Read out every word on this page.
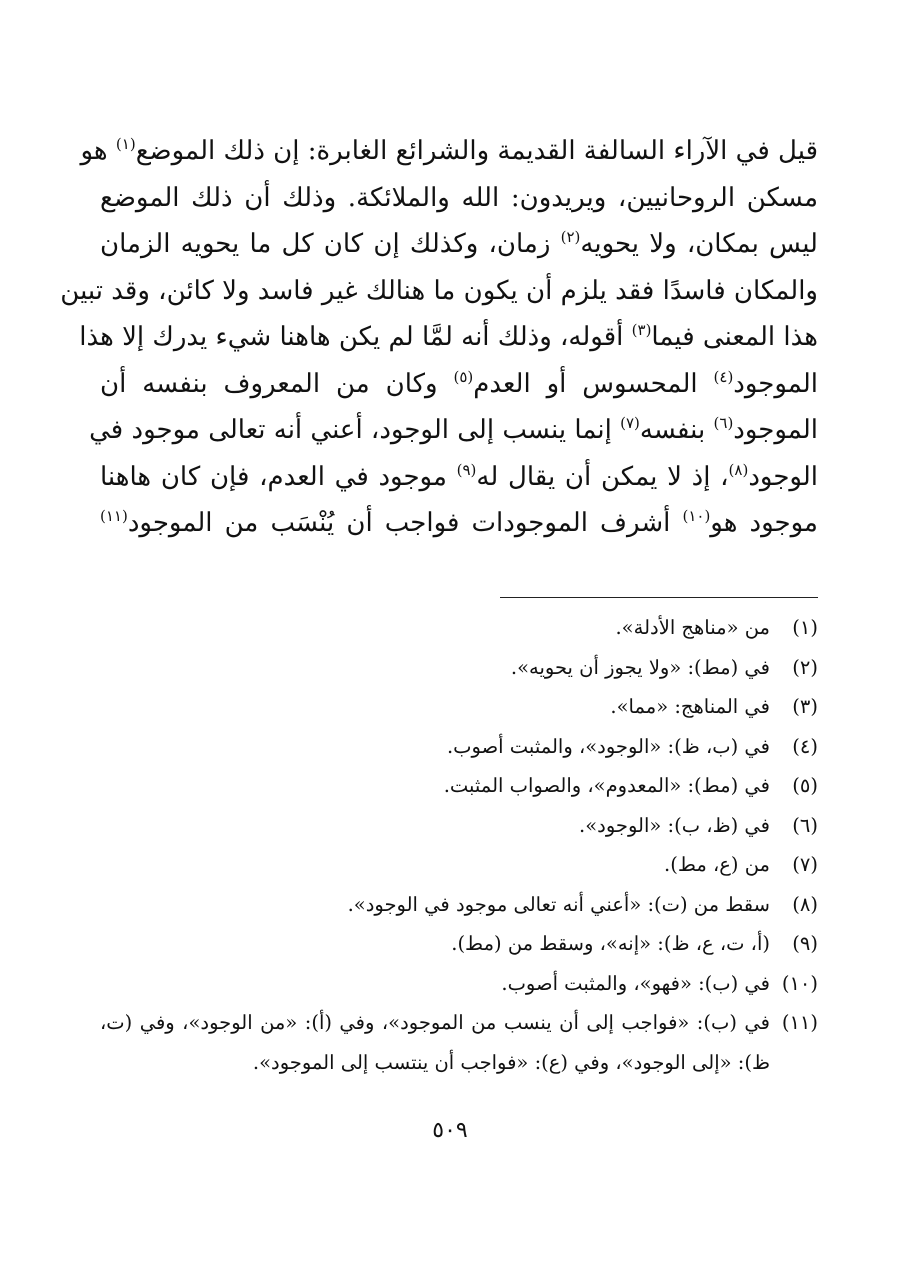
قيل في الآراء السالفة القديمة والشرائع الغابرة: إن ذلك الموضع$^{(١)}$ هو
مسكن الروحانيين، ويريدون: الله والملائكة. وذلك أن ذلك الموضع
ليس بمكان، ولا يحويه$^{(٢)}$ زمان، وكذلك إن كان كل ما يحويه الزمان
والمكان فاسدًا فقد يلزم أن يكون ما هنالك غير فاسد ولا كائن، وقد تبين
هذا المعنى فيما$^{(٣)}$ أقوله، وذلك أنه لمَّا لم يكن هاهنا شيء يدرك إلا هذا
الموجود$^{(٤)}$ المحسوس أو العدم$^{(٥)}$ وكان من المعروف بنفسه أن
الموجود$^{(٦)}$ بنفسه$^{(٧)}$ إنما ينسب إلى الوجود، أعني أنه تعالى موجود في
الوجود$^{(٨)}$، إذ لا يمكن أن يقال له$^{(٩)}$ موجود في العدم، فإن كان هاهنا
موجود هو$^{(١٠)}$ أشرف الموجودات فواجب أن يُنْسَب من الموجود$^{(١١)}$
(١)
من «مناهج الأدلة».
(٢)
في (مط): «ولا يجوز أن يحويه».
(٣)
في المناهج: «مما».
(٤)
في (ب، ظ): «الوجود»، والمثبت أصوب.
(٥)
في (مط): «المعدوم»، والصواب المثبت.
(٦)
في (ظ، ب): «الوجود».
(٧)
من (ع، مط).
(٨)
سقط من (ت): «أعني أنه تعالى موجود في الوجود».
(٩)
(أ، ت، ع، ظ): «إنه»، وسقط من (مط).
(١٠)
في (ب): «فهو»، والمثبت أصوب.
(١١)
في (ب): «فواجب إلى أن ينسب من الموجود»، وفي (أ): «من الوجود»، وفي (ت، ظ): «إلى الوجود»، وفي (ع): «فواجب أن ينتسب إلى الموجود».
٥٠٩
